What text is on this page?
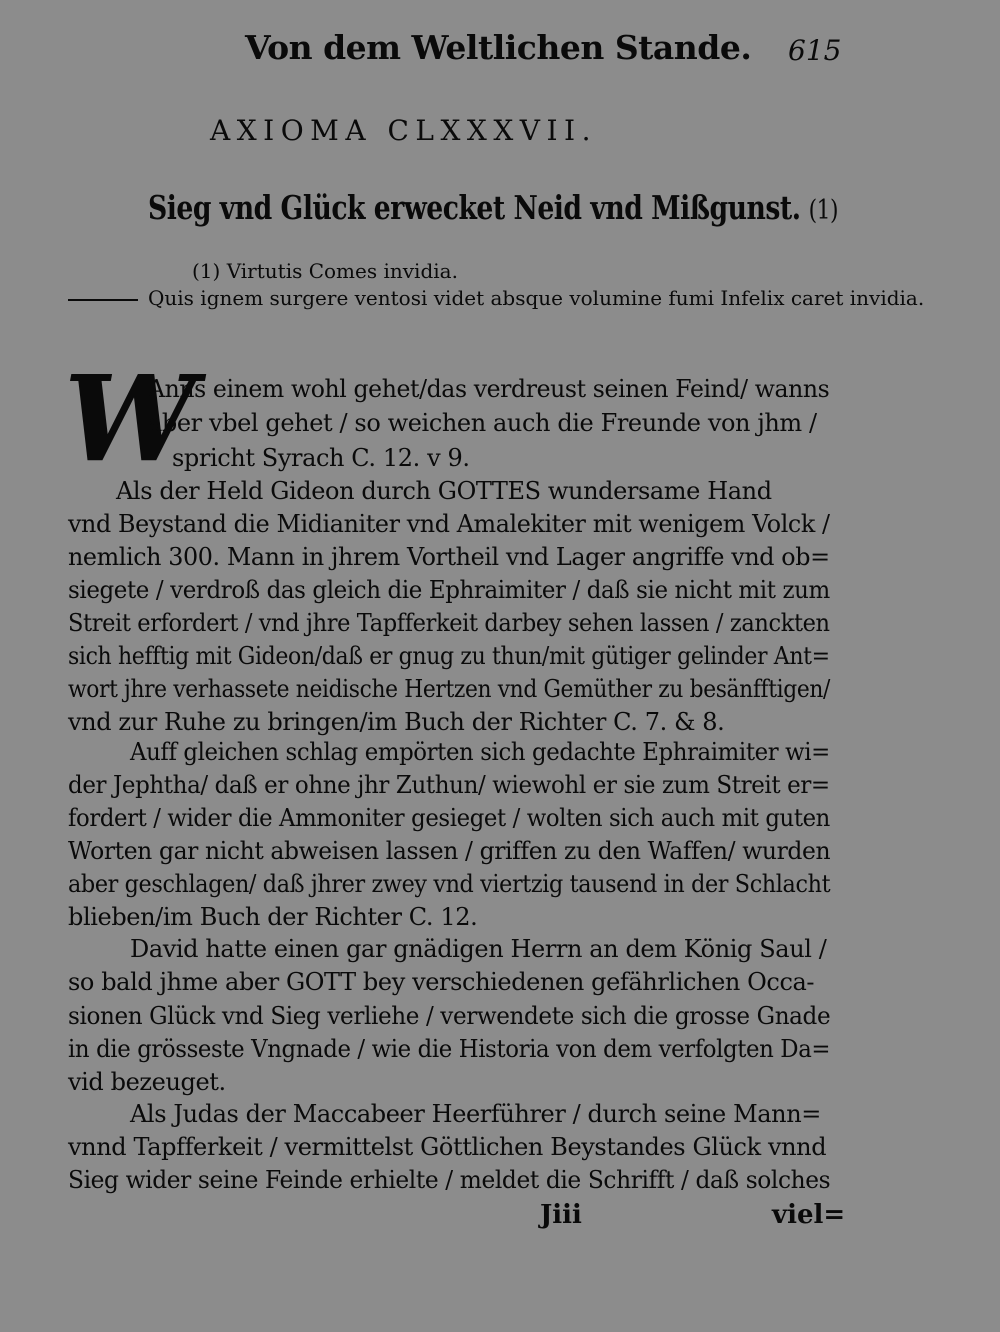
Von dem Weltlichen Stande. 615
AXIOMA CLXXXVII.
Sieg vnd Glück erwecket Neid vnd Mißgunst. (1)
(1) Virtutis Comes invidia.
Quis ignem surgere ventosi videt absque volumine fumi Infelix caret invidia.
W
Anns einem wohl gehet/das verdreust seinen Feind/ wanns
aber vbel gehet / so weichen auch die Freunde von jhm /
spricht Syrach C. 12. v 9.
Als der Held Gideon durch GOTTES wundersame Hand
vnd Beystand die Midianiter vnd Amalekiter mit wenigem Volck /
nemlich 300. Mann in jhrem Vortheil vnd Lager angriffe vnd ob=
siegete / verdroß das gleich die Ephraimiter / daß sie nicht mit zum
Streit erfordert / vnd jhre Tapfferkeit darbey sehen lassen / zanckten
sich hefftig mit Gideon/daß er gnug zu thun/mit gütiger gelinder Ant=
wort jhre verhassete neidische Hertzen vnd Gemüther zu besänfftigen/
vnd zur Ruhe zu bringen/im Buch der Richter C. 7. & 8.
Auff gleichen schlag empörten sich gedachte Ephraimiter wi=
der Jephtha/ daß er ohne jhr Zuthun/ wiewohl er sie zum Streit er=
fordert / wider die Ammoniter gesieget / wolten sich auch mit guten
Worten gar nicht abweisen lassen / griffen zu den Waffen/ wurden
aber geschlagen/ daß jhrer zwey vnd viertzig tausend in der Schlacht
blieben/im Buch der Richter C. 12.
David hatte einen gar gnädigen Herrn an dem König Saul /
so bald jhme aber GOTT bey verschiedenen gefährlichen Occa-
sionen Glück vnd Sieg verliehe / verwendete sich die grosse Gnade
in die grösseste Vngnade / wie die Historia von dem verfolgten Da=
vid bezeuget.
Als Judas der Maccabeer Heerführer / durch seine Mann=
vnnd Tapfferkeit / vermittelst Göttlichen Beystandes Glück vnnd
Sieg wider seine Feinde erhielte / meldet die Schrifft / daß solches
Jiii	viel=
